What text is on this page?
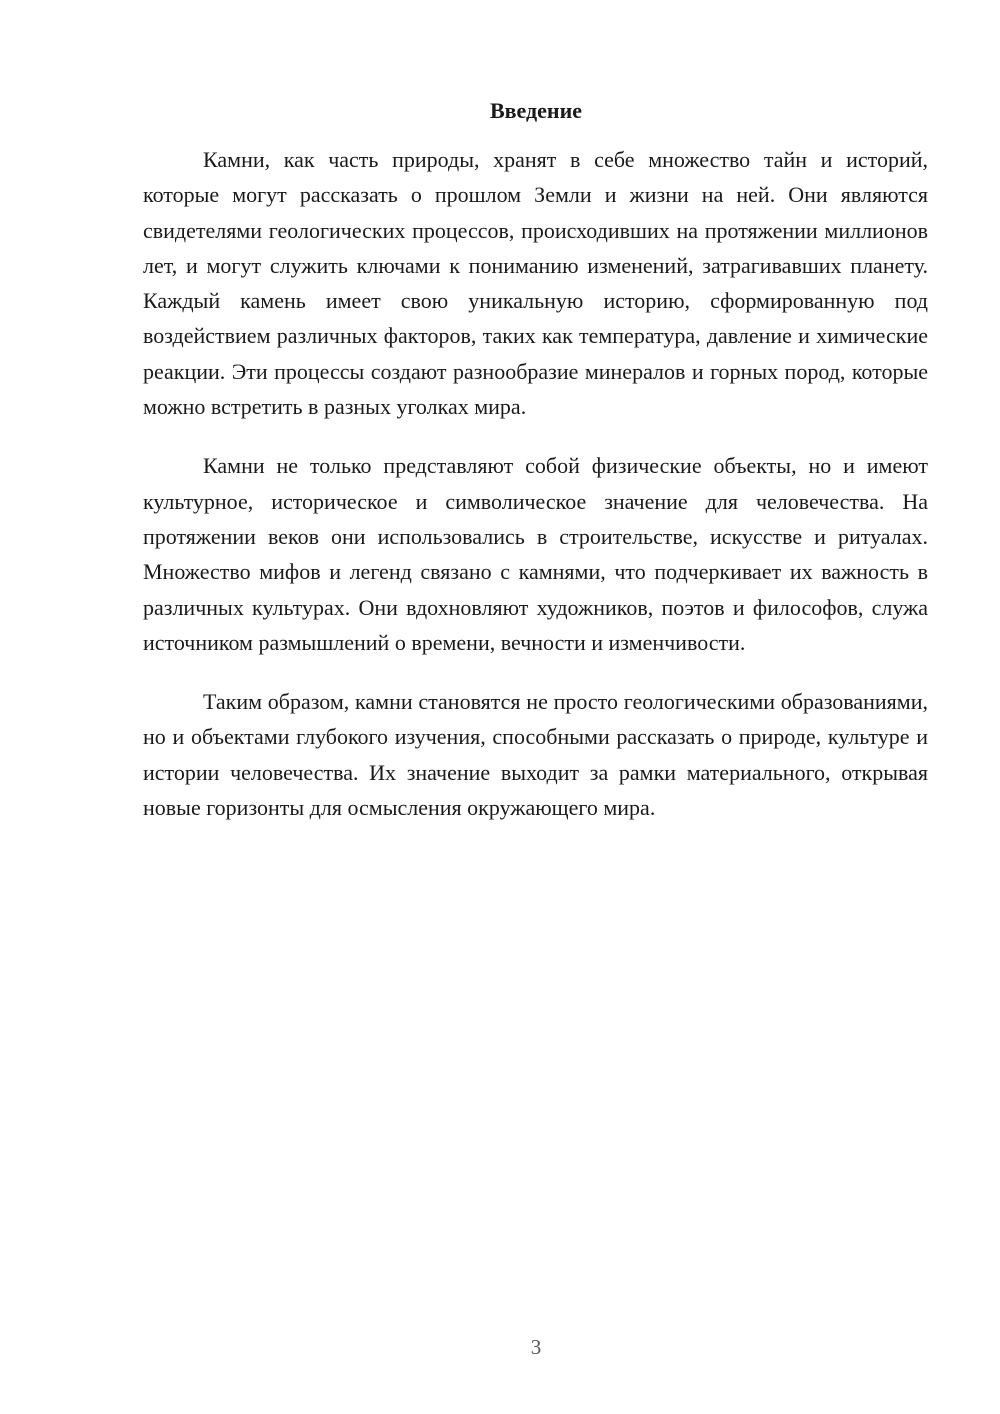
Введение

Камни, как часть природы, хранят в себе множество тайн и историй, которые могут рассказать о прошлом Земли и жизни на ней. Они являются свидетелями геологических процессов, происходивших на протяжении миллионов лет, и могут служить ключами к пониманию изменений, затрагивавших планету. Каждый камень имеет свою уникальную историю, сформированную под воздействием различных факторов, таких как температура, давление и химические реакции. Эти процессы создают разнообразие минералов и горных пород, которые можно встретить в разных уголках мира.

Камни не только представляют собой физические объекты, но и имеют культурное, историческое и символическое значение для человечества. На протяжении веков они использовались в строительстве, искусстве и ритуалах. Множество мифов и легенд связано с камнями, что подчеркивает их важность в различных культурах. Они вдохновляют художников, поэтов и философов, служа источником размышлений о времени, вечности и изменчивости.

Таким образом, камни становятся не просто геологическими образованиями, но и объектами глубокого изучения, способными рассказать о природе, культуре и истории человечества. Их значение выходит за рамки материального, открывая новые горизонты для осмысления окружающего мира.

3
